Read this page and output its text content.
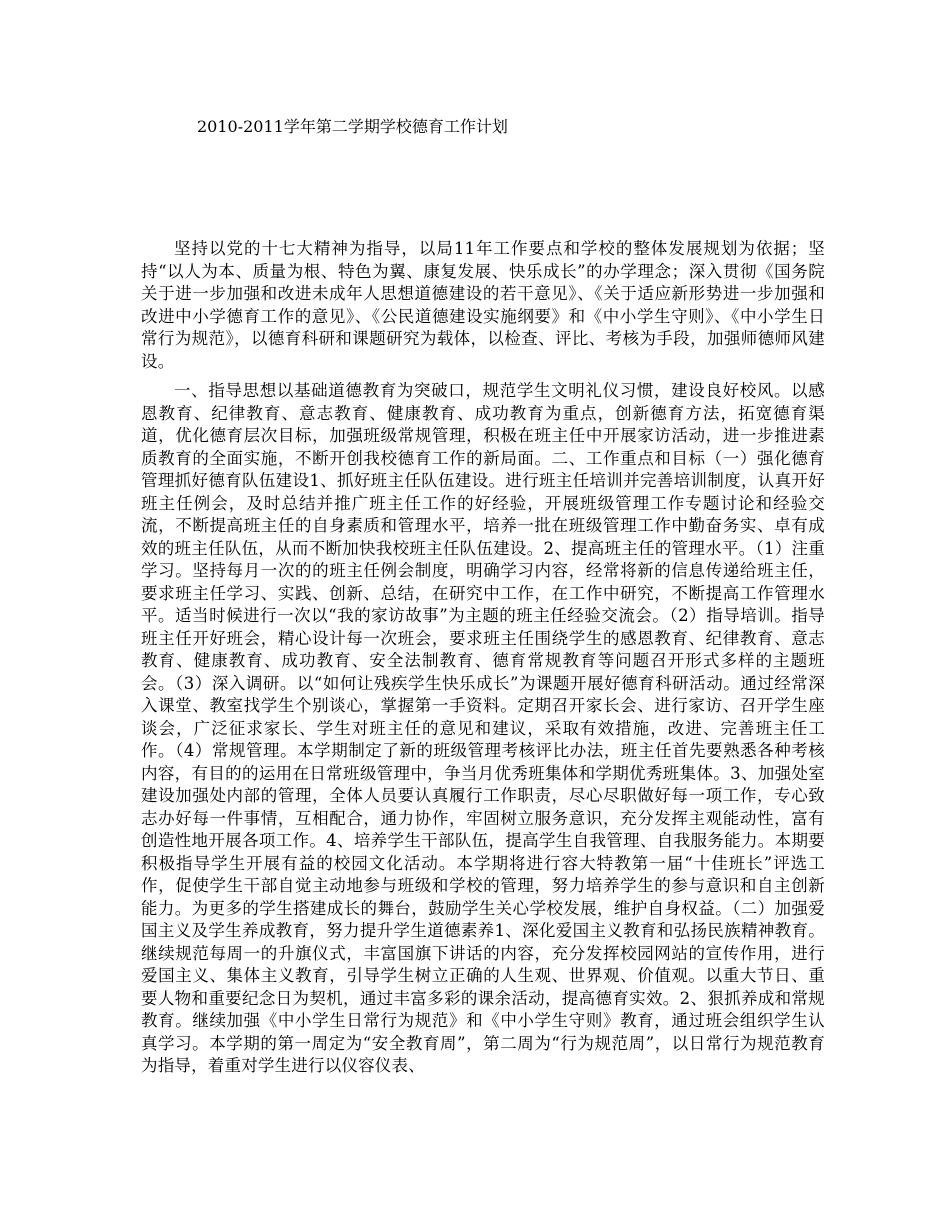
2010-2011学年第二学期学校德育工作计划

坚持以党的十七大精神为指导，以局11年工作要点和学校的整体发展规划为依据；坚持“以人为本、质量为根、特色为翼、康复发展、快乐成长”的办学理念；深入贯彻《国务院关于进一步加强和改进未成年人思想道德建设的若干意见》、《关于适应新形势进一步加强和改进中小学德育工作的意见》、《公民道德建设实施纲要》和《中小学生守则》、《中小学生日常行为规范》，以德育科研和课题研究为载体，以检查、评比、考核为手段，加强师德师风建设。

一、指导思想以基础道德教育为突破口，规范学生文明礼仪习惯，建设良好校风。以感恩教育、纪律教育、意志教育、健康教育、成功教育为重点，创新德育方法，拓宽德育渠道，优化德育层次目标，加强班级常规管理，积极在班主任中开展家访活动，进一步推进素质教育的全面实施，不断开创我校德育工作的新局面。二、工作重点和目标（一）强化德育管理抓好德育队伍建设1、抓好班主任队伍建设。进行班主任培训并完善培训制度，认真开好班主任例会，及时总结并推广班主任工作的好经验，开展班级管理工作专题讨论和经验交流，不断提高班主任的自身素质和管理水平，培养一批在班级管理工作中勤奋务实、卓有成效的班主任队伍，从而不断加快我校班主任队伍建设。2、提高班主任的管理水平。（1）注重学习。坚持每月一次的的班主任例会制度，明确学习内容，经常将新的信息传递给班主任，要求班主任学习、实践、创新、总结，在研究中工作，在工作中研究，不断提高工作管理水平。适当时候进行一次以“我的家访故事”为主题的班主任经验交流会。（2）指导培训。指导班主任开好班会，精心设计每一次班会，要求班主任围绕学生的感恩教育、纪律教育、意志教育、健康教育、成功教育、安全法制教育、德育常规教育等问题召开形式多样的主题班会。（3）深入调研。以“如何让残疾学生快乐成长”为课题开展好德育科研活动。通过经常深入课堂、教室找学生个别谈心，掌握第一手资料。定期召开家长会、进行家访、召开学生座谈会，广泛征求家长、学生对班主任的意见和建议，采取有效措施，改进、完善班主任工作。（4）常规管理。本学期制定了新的班级管理考核评比办法，班主任首先要熟悉各种考核内容，有目的的运用在日常班级管理中，争当月优秀班集体和学期优秀班集体。3、加强处室建设加强处内部的管理，全体人员要认真履行工作职责，尽心尽职做好每一项工作，专心致志办好每一件事情，互相配合，通力协作，牢固树立服务意识，充分发挥主观能动性，富有创造性地开展各项工作。4、培养学生干部队伍，提高学生自我管理、自我服务能力。本期要积极指导学生开展有益的校园文化活动。本学期将进行容大特教第一届“十佳班长”评选工作，促使学生干部自觉主动地参与班级和学校的管理，努力培养学生的参与意识和自主创新能力。为更多的学生搭建成长的舞台，鼓励学生关心学校发展，维护自身权益。（二）加强爱国主义及学生养成教育，努力提升学生道德素养1、深化爱国主义教育和弘扬民族精神教育。继续规范每周一的升旗仪式，丰富国旗下讲话的内容，充分发挥校园网站的宣传作用，进行爱国主义、集体主义教育，引导学生树立正确的人生观、世界观、价值观。以重大节日、重要人物和重要纪念日为契机，通过丰富多彩的课余活动，提高德育实效。2、狠抓养成和常规教育。继续加强《中小学生日常行为规范》和《中小学生守则》教育，通过班会组织学生认真学习。本学期的第一周定为“安全教育周”，第二周为“行为规范周”，以日常行为规范教育为指导，着重对学生进行以仪容仪表、
